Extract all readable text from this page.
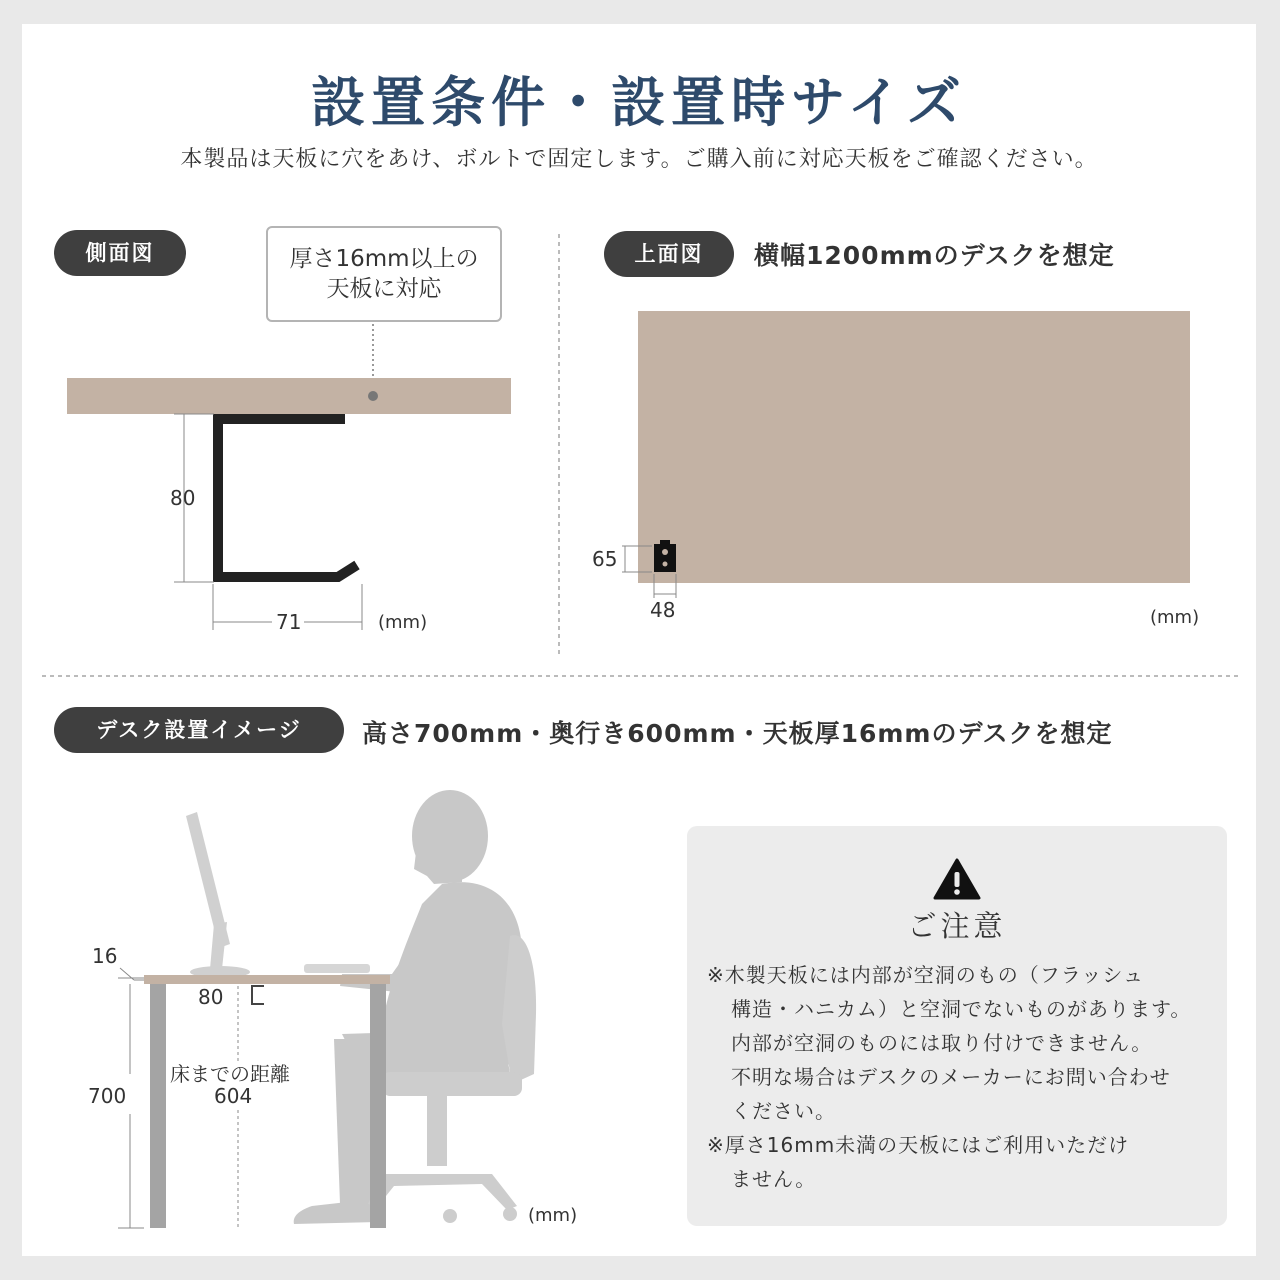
設置条件・設置時サイズ
本製品は天板に穴をあけ、ボルトで固定します。ご購入前に対応天板をご確認ください。
側面図	厚さ16mm以上の
天板に対応
80
71	(mm)
上面図	横幅1200mmのデスクを想定
65
48	(mm)
デスク設置イメージ	高さ700mm・奥行き600mm・天板厚16mmのデスクを想定
16
80
700
床までの距離
604
(mm)
ご注意

※木製天板には内部が空洞のもの（フラッシュ

構造・ハニカム）と空洞でないものがあります。

内部が空洞のものには取り付けできません。

不明な場合はデスクのメーカーにお問い合わせ

ください。

※厚さ16mm未満の天板にはご利用いただけ

ません。
